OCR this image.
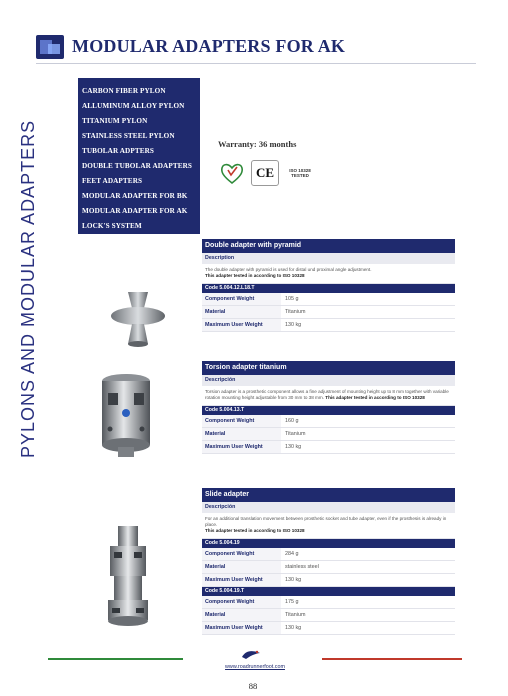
MODULAR ADAPTERS FOR AK
PYLONS AND MODULAR ADAPTERS
CARBON FIBER PYLON
ALLUMINUM ALLOY PYLON
TITANIUM PYLON
STAINLESS STEEL PYLON
TUBOLAR ADPTERS
DOUBLE TUBOLAR ADAPTERS
FEET ADAPTERS
MODULAR ADAPTER FOR BK
MODULAR ADAPTER FOR AK
LOCK'S SYSTEM
Warranty: 36 months
CE	ISO 10328
TESTED
Double adapter with pyramid
Description
The double adapter with pyramid is used for distal und proximal angle adjustment.
This adapter tested in according to ISO 10328
Code 5.004.12.L18.T
Component Weight	105 g
Material	Titanium
Maximum User Weight	130 kg
Torsion adapter titanium
Descripción
Torsion adapter is a prosthetic component allows a fine adjustment of mounting height up to 8 mm together with variable rotation mounting height adjustable from 30 mm to 38 mm. This adapter tested in according to ISO 10328
Code 5.004.13.T
Component Weight	160 g
Material	Titanium
Maximum User Weight	130 kg
Slide adapter
Descripción
For an additional translation movement between prosthetic socket and tube adapter, even if the prosthesis is already in place.
This adapter tested in according to ISO 10328
Code 5.004.19
Component Weight	284 g
Material	stainless steel
Maximum User Weight	130 kg
Code 5.004.19.T
Component Weight	175 g
Material	Titanium
Maximum User Weight	130 kg
www.roadrunnerfoot.com
88
